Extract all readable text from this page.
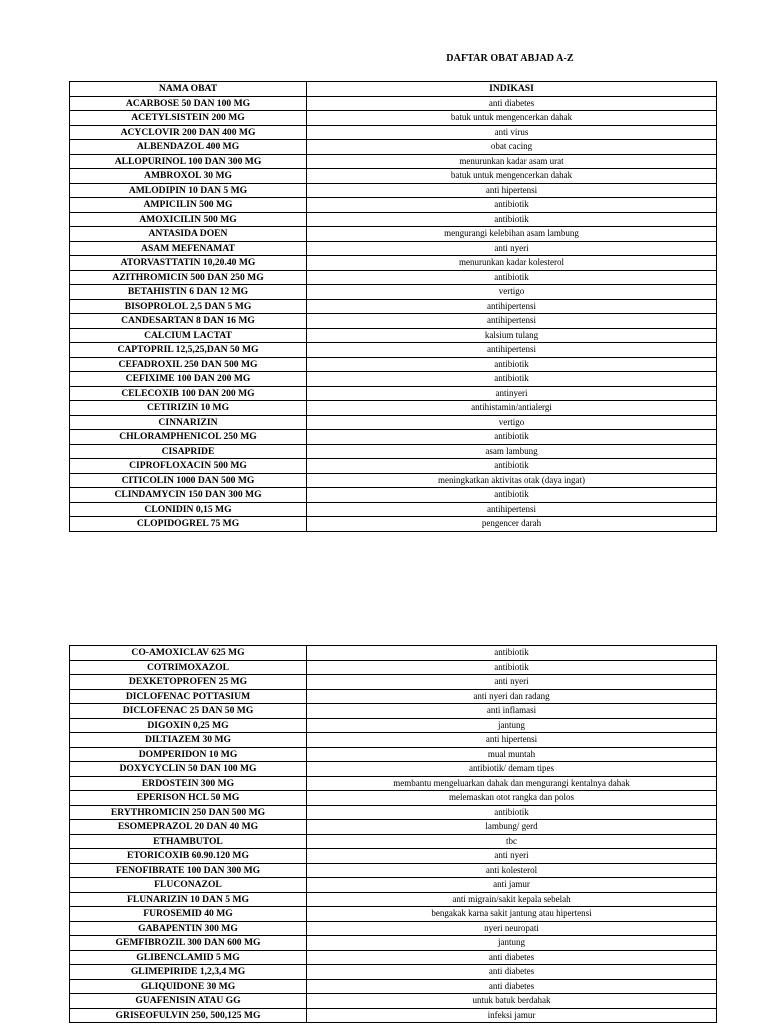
DAFTAR OBAT ABJAD A-Z
NAMA OBAT	INDIKASI
ACARBOSE 50 DAN 100 MG	anti diabetes
ACETYLSISTEIN 200 MG	batuk untuk mengencerkan dahak
ACYCLOVIR 200 DAN 400 MG	anti virus
ALBENDAZOL 400 MG	obat cacing
ALLOPURINOL 100 DAN 300 MG	menurunkan kadar asam urat
AMBROXOL 30 MG	batuk untuk mengencerkan dahak
AMLODIPIN 10 DAN 5 MG	anti hipertensi
AMPICILIN 500 MG	antibiotik
AMOXICILIN 500 MG	antibiotik
ANTASIDA DOEN	mengurangi kelebihan asam lambung
ASAM MEFENAMAT	anti nyeri
ATORVASTTATIN 10,20.40 MG	menurunkan kadar kolesterol
AZITHROMICIN 500 DAN 250 MG	antibiotik
BETAHISTIN 6 DAN 12 MG	vertigo
BISOPROLOL 2,5 DAN 5 MG	antihipertensi
CANDESARTAN 8 DAN 16 MG	antihipertensi
CALCIUM LACTAT	kalsium tulang
CAPTOPRIL 12,5,25,DAN 50 MG	antihipertensi
CEFADROXIL 250 DAN 500 MG	antibiotik
CEFIXIME 100 DAN 200 MG	antibiotik
CELECOXIB 100 DAN 200 MG	antinyeri
CETIRIZIN 10 MG	antihistamin/antialergi
CINNARIZIN	vertigo
CHLORAMPHENICOL 250 MG	antibiotik
CISAPRIDE	asam lambung
CIPROFLOXACIN 500 MG	antibiotik
CITICOLIN 1000 DAN 500 MG	meningkatkan aktivitas otak (daya ingat)
CLINDAMYCIN 150 DAN 300 MG	antibiotik
CLONIDIN 0,15 MG	antihipertensi
CLOPIDOGREL 75 MG	pengencer darah
CO-AMOXICLAV 625 MG	antibiotik
COTRIMOXAZOL	antibiotik
DEXKETOPROFEN 25 MG	anti nyeri
DICLOFENAC POTTASIUM	anti nyeri dan radang
DICLOFENAC 25 DAN 50 MG	anti inflamasi
DIGOXIN 0,25 MG	jantung
DILTIAZEM 30 MG	anti hipertensi
DOMPERIDON 10 MG	mual muntah
DOXYCYCLIN 50 DAN 100 MG	antibiotik/ demam tipes
ERDOSTEIN 300 MG	membantu mengeluarkan dahak dan mengurangi kentalnya dahak
EPERISON HCL 50 MG	melemaskan otot rangka dan polos
ERYTHROMICIN 250 DAN 500 MG	antibiotik
ESOMEPRAZOL 20 DAN 40 MG	lambung/ gerd
ETHAMBUTOL	tbc
ETORICOXIB 60.90.120 MG	anti nyeri
FENOFIBRATE 100 DAN 300 MG	anti kolesterol
FLUCONAZOL	anti jamur
FLUNARIZIN 10 DAN 5 MG	anti migrain/sakit kepala sebelah
FUROSEMID 40 MG	bengakak karna sakit jantung atau hipertensi
GABAPENTIN 300 MG	nyeri neuropati
GEMFIBROZIL 300 DAN 600 MG	jantung
GLIBENCLAMID 5 MG	anti diabetes
GLIMEPIRIDE 1,2,3,4 MG	anti diabetes
GLIQUIDONE 30 MG	anti diabetes
GUAFENISIN ATAU GG	untuk batuk berdahak
GRISEOFULVIN 250, 500,125 MG	infeksi jamur
